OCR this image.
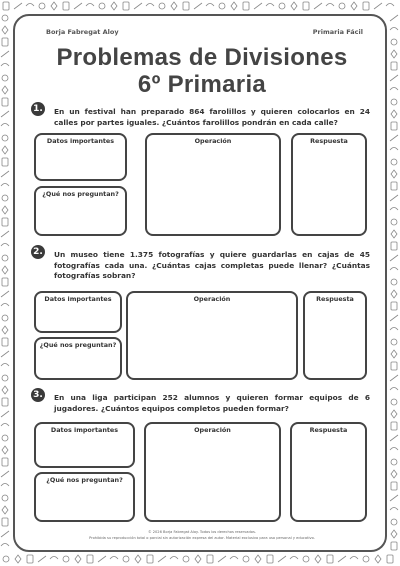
Borja Fabregat Aloy	Primaria Fácil
Problemas de Divisiones
6º Primaria
1. En un festival han preparado 864 farolillos y quieren colocarlos en 24 calles por partes iguales. ¿Cuántos farolillos pondrán en cada calle?
Datos importantes
¿Qué nos preguntan?
Operación	Respuesta
2. Un museo tiene 1.375 fotografías y quiere guardarlas en cajas de 45 fotografías cada una. ¿Cuántas cajas completas puede llenar? ¿Cuántas fotografías sobran?
Datos importantes
¿Qué nos preguntan?
Operación	Respuesta
3. En una liga participan 252 alumnos y quieren formar equipos de 6 jugadores. ¿Cuántos equipos completos pueden formar?
Datos importantes
¿Qué nos preguntan?
Operación	Respuesta
© 2026 Borja Fabregat Aloy. Todos los derechos reservados.
Prohibida su reproducción total o parcial sin autorización expresa del autor. Material exclusivo para uso personal y educativo.
